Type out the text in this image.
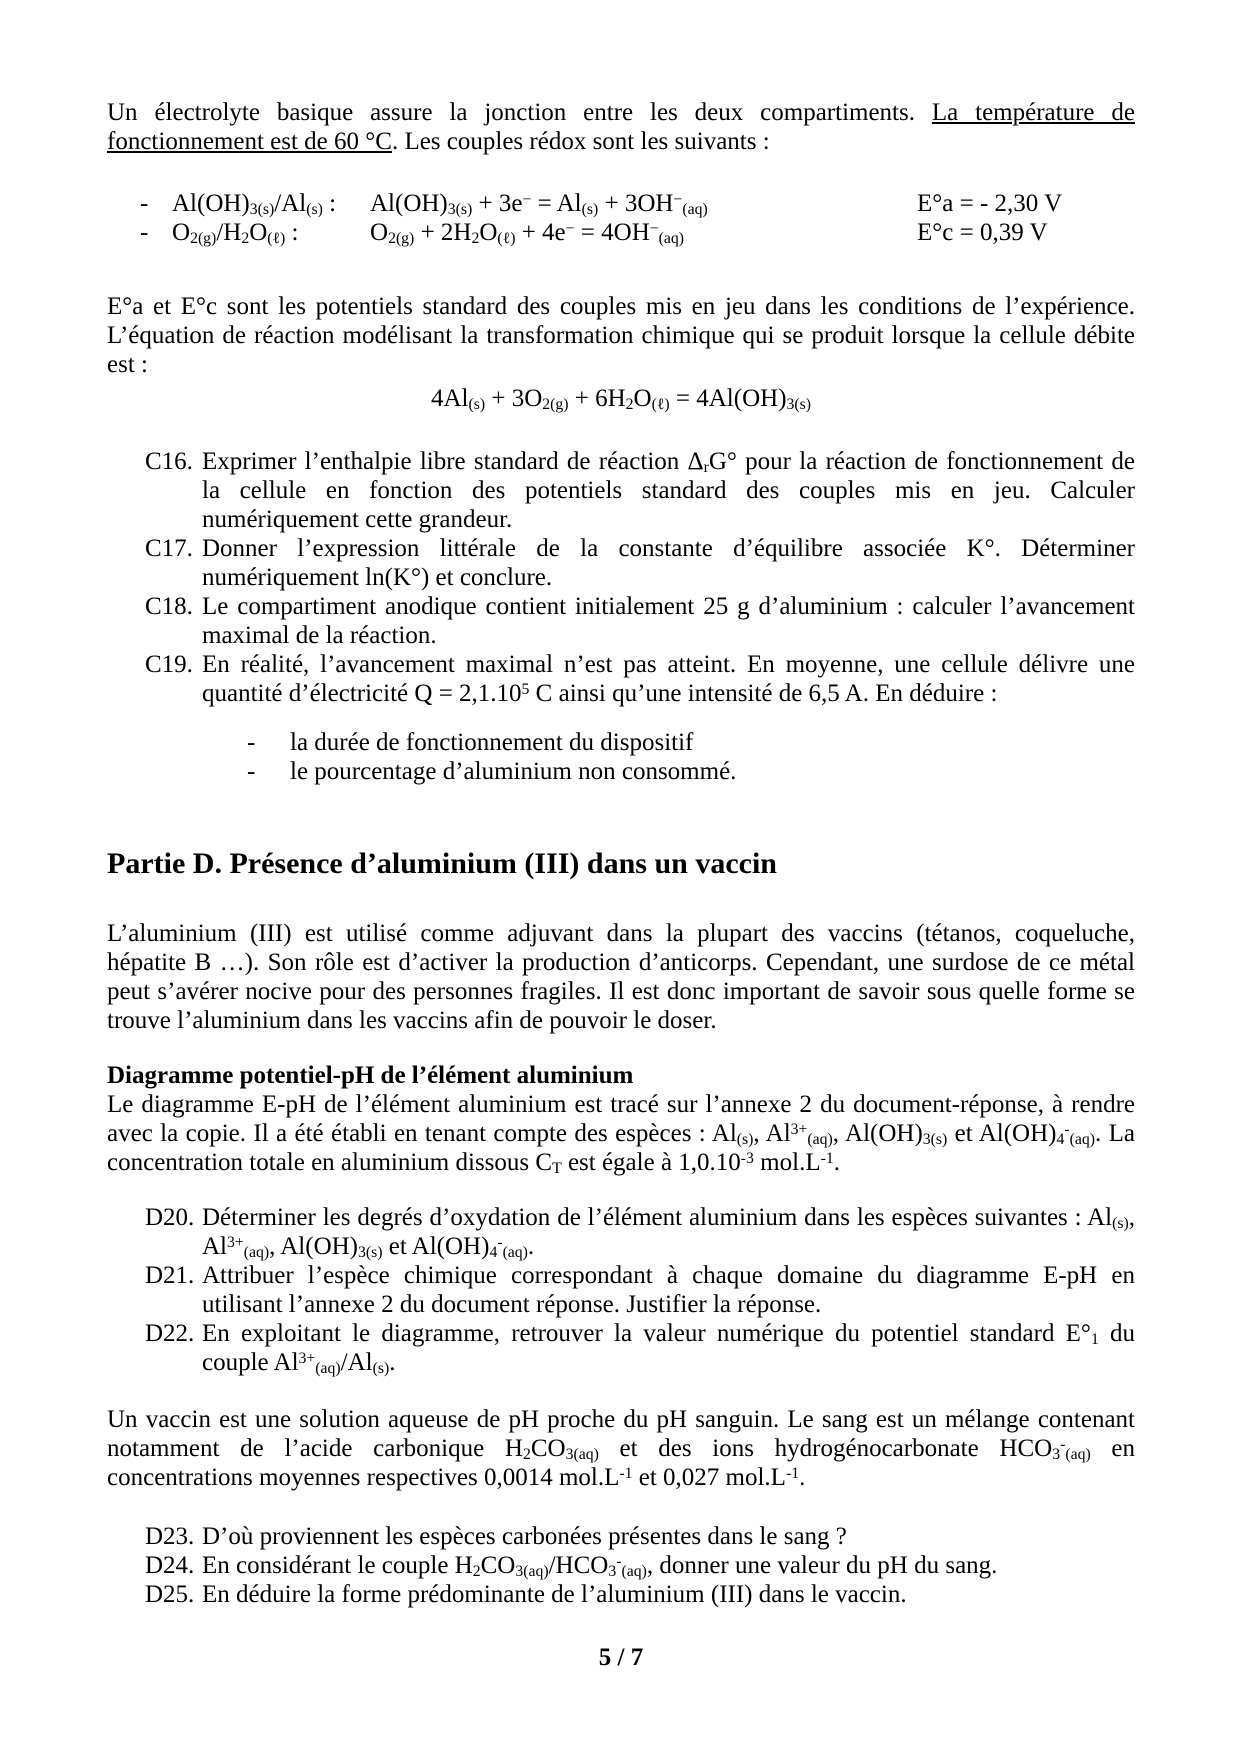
Un électrolyte basique assure la jonction entre les deux compartiments. La température de fonctionnement est de 60 °C. Les couples rédox sont les suivants :

- $Al(OH)_{3(s)}/Al_{(s)}$ :	$Al(OH)_{3(s)} + 3e^- = Al_{(s)} + 3OH^-_{(aq)}$	E°a = - 2,30 V
- $O_{2(g)}/H_2O_{(\ell)}$ :	$O_{2(g)} + 2H_2O_{(\ell)} + 4e^- = 4OH^-_{(aq)}$	E°c = 0,39 V

E°a et E°c sont les potentiels standard des couples mis en jeu dans les conditions de l’expérience. L’équation de réaction modélisant la transformation chimique qui se produit lorsque la cellule débite est :

$4Al_{(s)} + 3O_{2(g)} + 6H_2O_{(\ell)} = 4Al(OH)_{3(s)}$
C16. Exprimer l’enthalpie libre standard de réaction $\Delta_rG^\circ$ pour la réaction de fonctionnement de la cellule en fonction des potentiels standard des couples mis en jeu. Calculer numériquement cette grandeur.
C17. Donner l’expression littérale de la constante d’équilibre associée K°. Déterminer numériquement ln(K°) et conclure.
C18. Le compartiment anodique contient initialement 25 g d’aluminium : calculer l’avancement maximal de la réaction.
C19. En réalité, l’avancement maximal n’est pas atteint. En moyenne, une cellule délivre une quantité d’électricité $Q = 2,1.10^5$ C ainsi qu’une intensité de 6,5 A. En déduire :
-	la durée de fonctionnement du dispositif
-	le pourcentage d’aluminium non consommé.
Partie D. Présence d’aluminium (III) dans un vaccin

L’aluminium (III) est utilisé comme adjuvant dans la plupart des vaccins (tétanos, coqueluche, hépatite B …). Son rôle est d’activer la production d’anticorps. Cependant, une surdose de ce métal peut s’avérer nocive pour des personnes fragiles. Il est donc important de savoir sous quelle forme se trouve l’aluminium dans les vaccins afin de pouvoir le doser.

Diagramme potentiel-pH de l’élément aluminium

Le diagramme E-pH de l’élément aluminium est tracé sur l’annexe 2 du document-réponse, à rendre avec la copie. Il a été établi en tenant compte des espèces : $Al_{(s)}$, $Al^{3+}_{(aq)}$, $Al(OH)_{3(s)}$ et $Al(OH)_4^-_{(aq)}$. La concentration totale en aluminium dissous $C_T$ est égale à $1,0.10^{-3}$ $mol.L^{-1}$.

D20. Déterminer les degrés d’oxydation de l’élément aluminium dans les espèces suivantes : $Al_{(s)}$, $Al^{3+}_{(aq)}$, $Al(OH)_{3(s)}$ et $Al(OH)_4^-_{(aq)}$.
D21. Attribuer l’espèce chimique correspondant à chaque domaine du diagramme E-pH en utilisant l’annexe 2 du document réponse. Justifier la réponse.
D22. En exploitant le diagramme, retrouver la valeur numérique du potentiel standard $E^\circ_1$ du couple $Al^{3+}_{(aq)}/Al_{(s)}$.

Un vaccin est une solution aqueuse de pH proche du pH sanguin. Le sang est un mélange contenant notamment de l’acide carbonique $H_2CO_{3(aq)}$ et des ions hydrogénocarbonate $HCO_3^-_{(aq)}$ en concentrations moyennes respectives 0,0014 $mol.L^{-1}$ et 0,027 $mol.L^{-1}$.

D23. D’où proviennent les espèces carbonées présentes dans le sang ?
D24. En considérant le couple $H_2CO_{3(aq)}/HCO_3^-_{(aq)}$, donner une valeur du pH du sang.
D25. En déduire la forme prédominante de l’aluminium (III) dans le vaccin.
5 / 7
